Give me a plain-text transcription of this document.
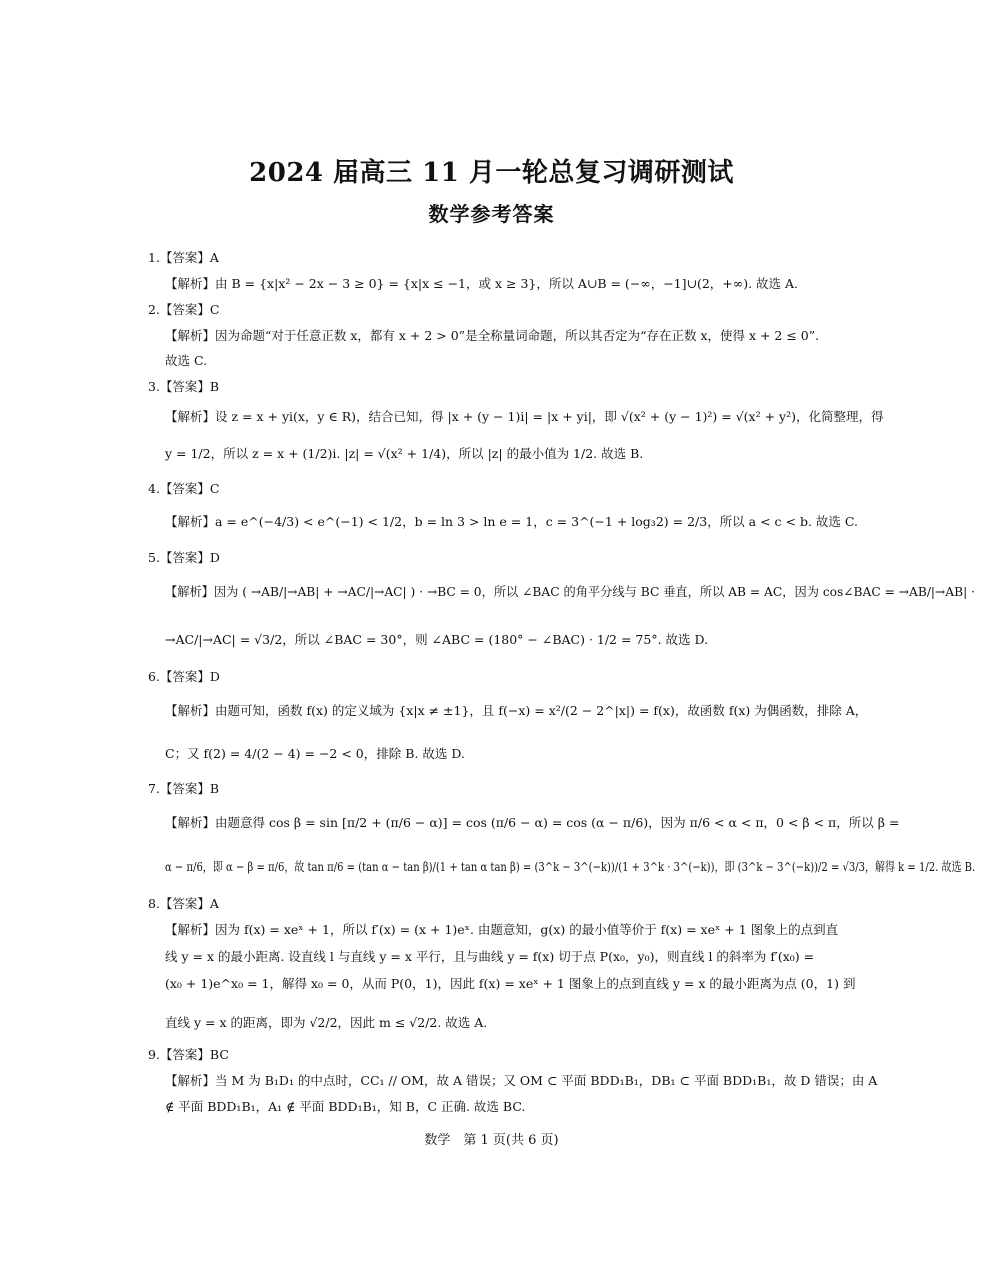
2024 届高三 11 月一轮总复习调研测试
数学参考答案
1.【答案】A
【解析】由 B = {x|x² − 2x − 3 ≥ 0} = {x|x ≤ −1，或 x ≥ 3}，所以 A∪B = (−∞，−1]∪(2，+∞). 故选 A.
2.【答案】C
【解析】因为命题“对于任意正数 x，都有 x + 2 > 0”是全称量词命题，所以其否定为“存在正数 x，使得 x + 2 ≤ 0”.
故选 C.
3.【答案】B
【解析】设 z = x + yi(x，y ∈ R)，结合已知，得 |x + (y − 1)i| = |x + yi|，即 √(x² + (y − 1)²) = √(x² + y²)，化简整理，得
y = 1/2，所以 z = x + (1/2)i. |z| = √(x² + 1/4)，所以 |z| 的最小值为 1/2. 故选 B.
4.【答案】C
【解析】a = e^(−4/3) < e^(−1) < 1/2，b = ln 3 > ln e = 1，c = 3^(−1 + log₃2) = 2/3，所以 a < c < b. 故选 C.
5.【答案】D
【解析】因为 ( →AB/|→AB| + →AC/|→AC| ) · →BC = 0，所以 ∠BAC 的角平分线与 BC 垂直，所以 AB = AC，因为 cos∠BAC = →AB/|→AB| ·
→AC/|→AC| = √3/2，所以 ∠BAC = 30°，则 ∠ABC = (180° − ∠BAC) · 1/2 = 75°. 故选 D.
6.【答案】D
【解析】由题可知，函数 f(x) 的定义域为 {x|x ≠ ±1}，且 f(−x) = x²/(2 − 2^|x|) = f(x)，故函数 f(x) 为偶函数，排除 A，
C；又 f(2) = 4/(2 − 4) = −2 < 0，排除 B. 故选 D.
7.【答案】B
【解析】由题意得 cos β = sin [π/2 + (π/6 − α)] = cos (π/6 − α) = cos (α − π/6)，因为 π/6 < α < π，0 < β < π，所以 β =
α − π/6，即 α − β = π/6，故 tan π/6 = (tan α − tan β)/(1 + tan α tan β) = (3^k − 3^(−k))/(1 + 3^k · 3^(−k))，即 (3^k − 3^(−k))/2 = √3/3，解得 k = 1/2. 故选 B.
8.【答案】A
【解析】因为 f(x) = xeˣ + 1，所以 f′(x) = (x + 1)eˣ. 由题意知，g(x) 的最小值等价于 f(x) = xeˣ + 1 图象上的点到直
线 y = x 的最小距离. 设直线 l 与直线 y = x 平行，且与曲线 y = f(x) 切于点 P(x₀，y₀)，则直线 l 的斜率为 f′(x₀) =
(x₀ + 1)e^x₀ = 1，解得 x₀ = 0，从而 P(0，1)，因此 f(x) = xeˣ + 1 图象上的点到直线 y = x 的最小距离为点 (0，1) 到
直线 y = x 的距离，即为 √2/2，因此 m ≤ √2/2. 故选 A.
9.【答案】BC
【解析】当 M 为 B₁D₁ 的中点时，CC₁ // OM，故 A 错误；又 OM ⊂ 平面 BDD₁B₁，DB₁ ⊂ 平面 BDD₁B₁，故 D 错误；由 A
∉ 平面 BDD₁B₁，A₁ ∉ 平面 BDD₁B₁，知 B，C 正确. 故选 BC.
数学　第 1 页(共 6 页)
